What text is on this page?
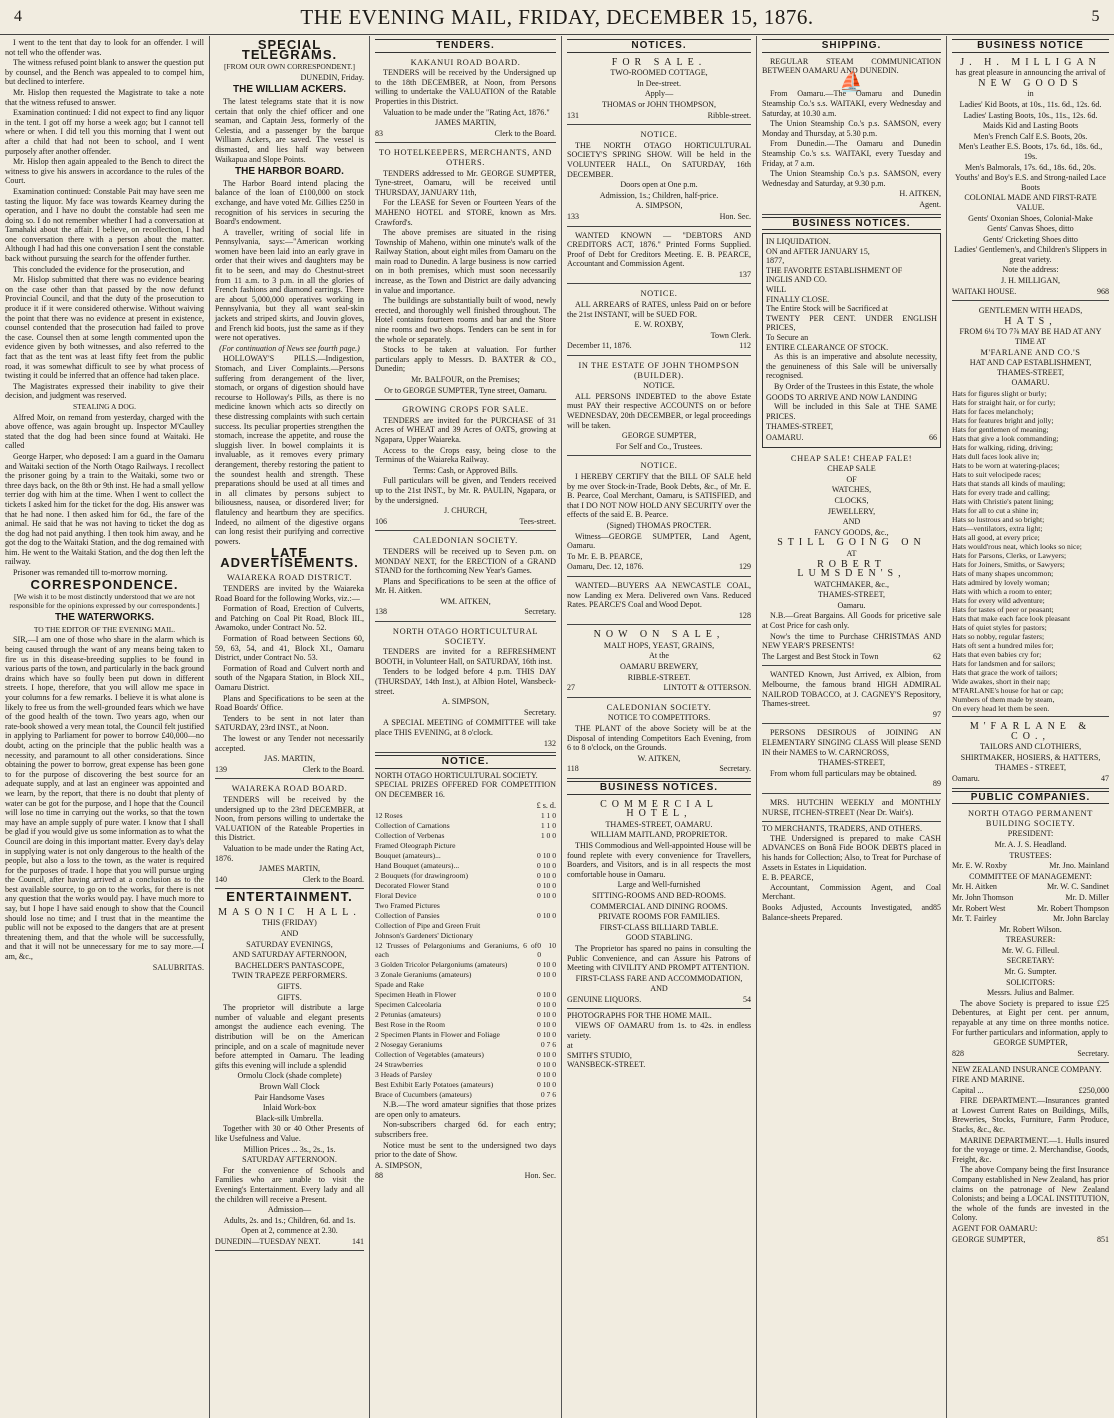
4	THE EVENING MAIL, FRIDAY, DECEMBER 15, 1876.	5

I went to the tent that day to look for an offender. I will not tell who the offender was.

The witness refused point blank to answer the question put by counsel, and the Bench was appealed to to compel him, but declined to interfere.

Mr. Hislop then requested the Magistrate to take a note that the witness refused to answer.

Examination continued: I did not expect to find any liquor in the tent. I got off my horse a week ago; but I cannot tell where or when. I did tell you this morning that I went out after a child that had not been to school, and I went purposely after another offender.

Mr. Hislop then again appealed to the Bench to direct the witness to give his answers in accordance to the rules of the Court.

Examination continued: Constable Pait may have seen me tasting the liquor. My face was towards Kearney during the operation, and I have no doubt the constable had seen me doing so. I do not remember whether I had a conversation at Tamahaki about the affair. I believe, on recollection, I had one conversation there with a person about the matter. Although I had had this one conversation I sent the constable back without pursuing the search for the offender further.

This concluded the evidence for the prosecution, and

Mr. Hislop submitted that there was no evidence bearing on the case other than that passed by the now defunct Provincial Council, and that the duty of the prosecution to produce it if it were considered otherwise. Without waiving the point that there was no evidence at present in existence, counsel contended that the prosecution had failed to prove the case. Counsel then at some length commented upon the evidence given by both witnesses, and also referred to the fact that as the tent was at least fifty feet from the public road, it was somewhat difficult to see by what process of twisting it could be inferred that an offence had taken place.

The Magistrates expressed their inability to give their decision, and judgment was reserved.

STEALING A DOG.

Alfred Moir, on remand from yesterday, charged with the above offence, was again brought up. Inspector M'Caulley stated that the dog had been since found at Waitaki. He called

George Harper, who deposed: I am a guard in the Oamaru and Waitaki section of the North Otago Railways. I recollect the prisoner going by a train to the Waitaki, some two or three days back, on the 8th or 9th inst. He had a small yellow terrier dog with him at the time. When I went to collect the tickets I asked him for the ticket for the dog. His answer was that he had none. I then asked him for 6d., the fare of the animal. He said that he was not having to ticket the dog as the dog had not paid anything. I then took him away, and he got the dog to the Waitaki Station, and the dog remained with him. He went to the Waitaki Station, and the dog then left the railway.

Prisoner was remanded till to-morrow morning.

CORRESPONDENCE.
[We wish it to be most distinctly understood that we are not responsible for the opinions expressed by our correspondents.]
THE WATERWORKS.
TO THE EDITOR OF THE EVENING MAIL.

SIR,—I am one of those who share in the alarm which is being caused through the want of any means being taken to fire us in this disease-breeding supplies to be found in various parts of the town, and particularly in the back ground drains which have so foully been put down in different streets. I hope, therefore, that you will allow me space in your columns for a few remarks. I believe it is what alone is likely to free us from the well-grounded fears which we have of the good health of the town. Two years ago, when our rate-book showed a very mean total, the Council felt justified in applying to Parliament for power to borrow £40,000—no doubt, acting on the principle that the public health was a necessity, and paramount to all other considerations. Since obtaining the power to borrow, great expense has been gone to for the purpose of discovering the best source for an adequate supply, and at last an engineer was appointed and we learn, by the report, that there is no doubt that plenty of water can be got for the purpose, and I hope that the Council will lose no time in carrying out the works, so that the town may have an ample supply of pure water. I know that I shall be glad if you would give us some information as to what the Council are doing in this important matter. Every day's delay in supplying water is not only dangerous to the health of the people, but also a loss to the town, as the water is required for the purposes of trade. I hope that you will pursue urging the Council, after having arrived at a conclusion as to the best available source, to go on to the works, for there is not any question that the works would pay. I have much more to say, but I hope I have said enough to show that the Council should lose no time; and I trust that in the meantime the public will not be exposed to the dangers that are at present threatening them, and that the whole will be successfully, and that it will not be unnecessary for me to say more.—I am, &c.,

SALUBRITAS.
SPECIAL TELEGRAMS.
[FROM OUR OWN CORRESPONDENT.]
DUNEDIN, Friday.
THE WILLIAM ACKERS.

The latest telegrams state that it is now certain that only the chief officer and one seaman, and Captain Jess, formerly of the Celestia, and a passenger by the barque William Ackers, are saved. The vessel is dismasted, and lies half way between Waikapua and Slope Points.

THE HARBOR BOARD.

The Harbor Board intend placing the balance of the loan of £100,000 on stock exchange, and have voted Mr. Gillies £250 in recognition of his services in securing the Board's endowment.

A traveller, writing of social life in Pennsylvania, says:—"American working women have been laid into an early grave in order that their wives and daughters may be fit to be seen, and may do Chestnut-street from 11 a.m. to 3 p.m. in all the glories of French fashions and diamond earrings. There are about 5,000,000 operatives working in Pennsylvania, but they all want seal-skin jackets and striped skirts, and Jouvin gloves, and French kid boots, just the same as if they were not operatives.

(For continuation of News see fourth page.)

HOLLOWAY'S PILLS.—Indigestion, Stomach, and Liver Complaints.—Persons suffering from derangement of the liver, stomach, or organs of digestion should have recourse to Holloway's Pills, as there is no medicine known which acts so directly on these distressing complaints with such certain success. Its peculiar properties strengthen the stomach, increase the appetite, and rouse the sluggish liver. In bowel complaints it is invaluable, as it removes every primary derangement, thereby restoring the patient to the soundest health and strength. These preparations should be used at all times and in all climates by persons subject to biliousness, nausea, or disordered liver; for flatulency and heartburn they are specifics. Indeed, no ailment of the digestive organs can long resist their purifying and corrective powers.

LATE ADVERTISEMENTS.
WAIAREKA ROAD DISTRICT.

TENDERS are invited by the Waiareka Road Board for the following Works, viz.:—

Formation of Road, Erection of Culverts, and Patching on Coal Pit Road, Block III., Awamoko, under Contract No. 52.

Formation of Road between Sections 60, 59, 63, 54, and 41, Block XI., Oamaru District, under Contract No. 53.

Formation of Road and Culvert north and south of the Ngapara Station, in Block XII., Oamaru District.

Plans and Specifications to be seen at the Road Boards' Office.

Tenders to be sent in not later than SATURDAY, 23rd INST., at Noon.

The lowest or any Tender not necessarily accepted.

JAS. MARTIN,
139	Clerk to the Board.
WAIAREKA ROAD BOARD.

TENDERS will be received by the undersigned up to the 23rd DECEMBER, at Noon, from persons willing to undertake the VALUATION of the Rateable Properties in this District.

Valuation to be made under the Rating Act, 1876.

JAMES MARTIN,
140	Clerk to the Board.
ENTERTAINMENT.
MASONIC HALL.
THIS (FRIDAY)
AND
SATURDAY EVENINGS,
AND SATURDAY AFTERNOON,
BACHELDER'S PANTASCOPE,
TWIN TRAPEZE PERFORMERS.
GIFTS.
GIFTS.

The proprietor will distribute a large number of valuable and elegant presents amongst the audience each evening. The distribution will be on the American principle, and on a scale of magnitude never before attempted in Oamaru. The leading gifts this evening will include a splendid

Ormolu Clock (shade complete)
Brown Wall Clock
Pair Handsome Vases
Inlaid Work-box
Black-silk Umbrella.

Together with 30 or 40 Other Presents of like Usefulness and Value.

Million Prices ... 3s., 2s., 1s.
SATURDAY AFTERNOON.

For the convenience of Schools and Families who are unable to visit the Evening's Entertainment. Every lady and all the children will receive a Present.

Admission—
Adults, 2s. and 1s.; Children, 6d. and 1s.
Open at 2, commence at 2.30.
DUNEDIN—TUESDAY NEXT.	141
TENDERS.
KAKANUI ROAD BOARD.

TENDERS will be received by the Undersigned up to the 18th DECEMBER, at Noon, from Persons willing to undertake the VALUATION of the Ratable Properties in this District.

Valuation to be made under the "Rating Act, 1876."

JAMES MARTIN,
83	Clerk to the Board.
TO HOTELKEEPERS, MERCHANTS, AND OTHERS.

TENDERS addressed to Mr. GEORGE SUMPTER, Tyne-street, Oamaru, will be received until THURSDAY, JANUARY 11th,

For the LEASE for Seven or Fourteen Years of the MAHENO HOTEL and STORE, known as Mrs. Crawford's.

The above premises are situated in the rising Township of Maheno, within one minute's walk of the Railway Station, about eight miles from Oamaru on the main road to Dunedin. A large business is now carried on in both premises, which must soon necessarily increase, as the Town and District are daily advancing in value and importance.

The buildings are substantially built of wood, newly erected, and thoroughly well finished throughout. The Hotel contains fourteen rooms and bar and the Store nine rooms and two shops. Tenders can be sent in for the whole or separately.

Stocks to be taken at valuation. For further particulars apply to Messrs. D. BAXTER & CO., Dunedin;

Mr. BALFOUR, on the Premises;
Or to GEORGE SUMPTER, Tyne street, Oamaru.
GROWING CROPS FOR SALE.

TENDERS are invited for the PURCHASE of 31 Acres of WHEAT and 39 Acres of OATS, growing at Ngapara, Upper Waiareka.

Access to the Crops easy, being close to the Terminus of the Waiareka Railway.

Terms: Cash, or Approved Bills.

Full particulars will be given, and Tenders received up to the 21st INST., by Mr. R. PAULIN, Ngapara, or by the undersigned.

J. CHURCH,
106	Tees-street.
CALEDONIAN SOCIETY.

TENDERS will be received up to Seven p.m. on MONDAY NEXT, for the ERECTION of a GRAND STAND for the forthcoming New Year's Games.

Plans and Specifications to be seen at the office of Mr. H. Aitken.

WM. AITKEN,
138	Secretary.
NORTH OTAGO HORTICULTURAL SOCIETY.

TENDERS are invited for a REFRESHMENT BOOTH, in Volunteer Hall, on SATURDAY, 16th inst.

Tenders to be lodged before 4 p.m. THIS DAY (THURSDAY, 14th Inst.), at Albion Hotel, Wansbeck-street.

A. SIMPSON,
Secretary.

A SPECIAL MEETING of COMMITTEE will take place THIS EVENING, at 8 o'clock.

132
NOTICE.
NORTH OTAGO HORTICULTURAL SOCIETY.
SPECIAL PRIZES OFFERED FOR COMPETITION ON DECEMBER 16.
£ s. d.
12 Roses	1 1 0
Collection of Carnations	1 1 0
Collection of Verbenas	1 0 0
Framed Oleograph Picture
Bouquet (amateurs)...	0 10 0
Hand Bouquet (amateurs)...	0 10 0
2 Bouquets (for drawingroom)	0 10 0
Decorated Flower Stand	0 10 0
Floral Device	0 10 0
Two Framed Pictures
Collection of Pansies	0 10 0
Collection of Pipe and Green Fruit
Johnson's Gardeners' Dictionary
12 Trusses of Pelargoniums and Geraniums, 6 of each
0 10 0
3 Golden Tricolor Pelargoniums (amateurs)	0 10 0
3 Zonale Geraniums (amateurs)	0 10 0
Spade and Rake
Specimen Heath in Flower	0 10 0
Specimen Calceolaria	0 10 0
2 Petunias (amateurs)	0 10 0
Best Rose in the Room	0 10 0
2 Specimen Plants in Flower and Foliage	0 10 0
2 Nosegay Geraniums	0 7 6
Collection of Vegetables (amateurs)	0 10 0
24 Strawberries	0 10 0
3 Heads of Parsley	0 10 0
Best Exhibit Early Potatoes (amateurs)	0 10 0
Brace of Cucumbers (amateurs)	0 7 6

N.B.—The word amateur signifies that those prizes are open only to amateurs.

Non-subscribers charged 6d. for each entry; subscribers free.

Notice must be sent to the undersigned two days prior to the date of Show.

A. SIMPSON,
88	Hon. Sec.
NOTICES.
FOR SALE.
TWO-ROOMED COTTAGE,
In Dee-street.
Apply—
THOMAS or JOHN THOMPSON,
131	Ribble-street.
NOTICE.

THE NORTH OTAGO HORTICULTURAL SOCIETY'S SPRING SHOW. Will be held in the VOLUNTEER HALL, On SATURDAY, 16th DECEMBER.

Doors open at One p.m.
Admission, 1s.; Children, half-price.
A. SIMPSON,
133	Hon. Sec.

WANTED KNOWN — "DEBTORS AND CREDITORS ACT, 1876." Printed Forms Supplied. Proof of Debt for Creditors Meeting. E. B. PEARCE, Accountant and Commission Agent.

137
NOTICE.

ALL ARREARS of RATES, unless Paid on or before the 21st INSTANT, will be SUED FOR.

E. W. ROXBY,
Town Clerk.
December 11, 1876.	112
IN THE ESTATE OF JOHN THOMPSON (BUILDER).
NOTICE.

ALL PERSONS INDEBTED to the above Estate must PAY their respective ACCOUNTS on or before WEDNESDAY, 20th DECEMBER, or legal proceedings will be taken.

GEORGE SUMPTER,
For Self and Co., Trustees.
NOTICE.

I HEREBY CERTIFY that the BILL OF SALE held by me over Stock-in-Trade, Book Debts, &c., of Mr. E. B. Pearce, Coal Merchant, Oamaru, is SATISFIED, and that I DO NOT NOW HOLD ANY SECURITY over the effects of the said E. B. Pearce.

(Signed) THOMAS PROCTER.

Witness—GEORGE SUMPTER, Land Agent, Oamaru.

To Mr. E. B. PEARCE,
Oamaru, Dec. 12, 1876.	129

WANTED—BUYERS AA NEWCASTLE COAL, now Landing ex Mera. Delivered own Vans. Reduced Rates. PEARCE'S Coal and Wood Depot.

128
NOW ON SALE,
MALT HOPS, YEAST, GRAINS,
At the
OAMARU BREWERY,
RIBBLE-STREET.
27	LINTOTT & OTTERSON.
CALEDONIAN SOCIETY.
NOTICE TO COMPETITORS.

THE PLANT of the above Society will be at the Disposal of intending Competitors Each Evening, from 6 to 8 o'clock, on the Grounds.

W. AITKEN,
118	Secretary.
BUSINESS NOTICES.
COMMERCIAL HOTEL,
THAMES-STREET, OAMARU.
WILLIAM MAITLAND, PROPRIETOR.

THIS Commodious and Well-appointed House will be found replete with every convenience for Travellers, Boarders, and Visitors, and is in all respects the most comfortable house in Oamaru.

Large and Well-furnished
SITTING-ROOMS AND BED-ROOMS.
COMMERCIAL AND DINING ROOMS.
PRIVATE ROOMS FOR FAMILIES.
FIRST-CLASS BILLIARD TABLE.
GOOD STABLING.

The Proprietor has spared no pains in consulting the Public Convenience, and can Assure his Patrons of Meeting with CIVILITY AND PROMPT ATTENTION.

FIRST-CLASS FARE AND ACCOMMODATION,
AND
GENUINE LIQUORS.	54
PHOTOGRAPHS FOR THE HOME MAIL.

VIEWS OF OAMARU from 1s. to 42s. in endless variety.

at
SMITH'S STUDIO,
WANSBECK-STREET.
SHIPPING.

REGULAR STEAM COMMUNICATION BETWEEN OAMARU AND DUNEDIN.

⛵

From Oamaru.—The Oamaru and Dunedin Steamship Co.'s s.s. WAITAKI, every Wednesday and Saturday, at 10.30 a.m.

The Union Steamship Co.'s p.s. SAMSON, every Monday and Thursday, at 5.30 p.m.

From Dunedin.—The Oamaru and Dunedin Steamship Co.'s s.s. WAITAKI, every Tuesday and Friday, at 7 a.m.

The Union Steamship Co.'s p.s. SAMSON, every Wednesday and Saturday, at 9.30 p.m.

H. AITKEN,
Agent.
BUSINESS NOTICES.
IN LIQUIDATION.
ON and AFTER JANUARY 15,
1877,
THE FAVORITE ESTABLISHMENT OF
INGLIS AND CO.
WILL
FINALLY CLOSE.
The Entire Stock will be Sacrificed at
TWENTY PER CENT. UNDER ENGLISH PRICES,
To Secure an
ENTIRE CLEARANCE OF STOCK.

As this is an imperative and absolute necessity, the genuineness of this Sale will be universally recognised.

By Order of the Trustees in this Estate, the whole

GOODS TO ARRIVE AND NOW LANDING

Will be included in this Sale at THE SAME PRICES.

THAMES-STREET,
OAMARU.	66
CHEAP SALE! CHEAP FALE!
CHEAP SALE
OF
WATCHES,
CLOCKS,
JEWELLERY,
AND
FANCY GOODS, &c.,
STILL GOING ON
AT
ROBERT LUMSDEN'S,
WATCHMAKER, &c.,
THAMES-STREET,
Oamaru.

N.B.—Great Bargains. All Goods for pricetive sale at Cost Price for cash only.

Now's the time to Purchase CHRISTMAS AND NEW YEAR'S PRESENTS!

The Largest and Best Stock in Town	62

WANTED Known, Just Arrived, ex Albion, from Melbourne, the famous brand HIGH ADMIRAL NAILROD TOBACCO, at J. CAGNEY'S Repository, Thames-street.

97

PERSONS DESIROUS of JOINING AN ELEMENTARY SINGING CLASS Will please SEND IN their NAMES to W. CARNCROSS,

THAMES-STREET,

From whom full particulars may be obtained.

89

MRS. HUTCHIN WEEKLY and MONTHLY NURSE, ITCHEN-STREET (Near Dr. Wait's).

TO MERCHANTS, TRADERS, AND OTHERS.

THE Undersigned is prepared to make CASH ADVANCES on Bonâ Fide BOOK DEBTS placed in his hands for Collection; Also, to Treat for Purchase of Assets in Estates in Liquidation.

E. B. PEARCE,

Accountant, Commission Agent, and Coal Merchant.

Books Adjusted, Accounts Investigated, and Balance-sheets Prepared.
85
BUSINESS NOTICE
J. H. MILLIGAN
has great pleasure in announcing the arrival of
NEW GOODS
in
Ladies' Kid Boots, at 10s., 11s. 6d., 12s. 6d.
Ladies' Lasting Boots, 10s., 11s., 12s. 6d.
Maids Kid and Lasting Boots
Men's French Calf E.S. Boots, 20s.
Men's Leather E.S. Boots, 17s. 6d., 18s. 6d., 19s.
Men's Balmorals, 17s. 6d., 18s. 6d., 20s.
Youths' and Boy's E.S. and Strong-nailed Lace Boots
COLONIAL MADE AND FIRST-RATE VALUE.
Gents' Oxonian Shoes, Colonial-Make
Gents' Canvas Shoes, ditto
Gents' Cricketing Shoes ditto
Ladies' Gentlemen's, and Children's Slippers in great variety.
Note the address:
J. H. MILLIGAN,
WAITAKI HOUSE.	968
GENTLEMEN WITH HEADS,
HATS,
FROM 6¼ TO 7⅞ MAY BE HAD AT ANY TIME AT
M'FARLANE AND CO.'S
HAT AND CAP ESTABLISHMENT, THAMES-STREET,
OAMARU.
Hats for figures slight or burly;
Hats for straight hair, or for curly;
Hats for faces melancholy;
Hats for features bright and jolly;
Hats for gentlemen of meaning;
Hats that give a look commanding;
Hats for walking, riding, driving;
Hats dull faces look alive in;
Hats to be worn at watering-places;
Hats to suit velocipede races;
Hats that stands all kinds of mauling;
Hats for every trade and calling;
Hats with Christie's patent lining;
Hats for all to cut a shine in;
Hats so lustrous and so bright;
Hats—ventilators, extra light;
Hats all good, at every price;
Hats would'rous neat, which looks so nice;
Hats for Parsons, Clerks, or Lawyers;
Hats for Joiners, Smiths, or Sawyers;
Hats of many shapes uncommon;
Hats admired by lovely woman;
Hats with which a room to enter;
Hats for every wild adventure;
Hats for tastes of peer or peasant;
Hats that make each face look pleasant
Hats of quiet styles for pastors;
Hats so nobby, regular fasters;
Hats oft sent a hundred miles for;
Hats that even babies cry for;
Hats for landsmen and for sailors;
Hats that grace the work of tailors;
Wide awakes, short in their nap;
M'FARLANE's house for hat or cap;
Numbers of them made by steam,
On every head let them be seen.
M'FARLANE & CO.,
TAILORS AND CLOTHIERS,
SHIRTMAKER, HOSIERS, & HATTERS,
THAMES - STREET,
Oamaru.	47
PUBLIC COMPANIES.
NORTH OTAGO PERMANENT BUILDING SOCIETY.
PRESIDENT:
Mr. A. J. S. Headland.
TRUSTEES:
Mr. E. W. Roxby	Mr. Jno. Mainland
COMMITTEE OF MANAGEMENT:
Mr. H. Aitken	Mr. W. C. Sandinet
Mr. John Thomson	Mr. D. Miller
Mr. Robert West	Mr. Robert Thompson
Mr. T. Fairley	Mr. John Barclay
Mr. Robert Wilson.
TREASURER:
Mr. W. G. Filleul.
SECRETARY:
Mr. G. Sumpter.
SOLICITORS:
Messrs. Julius and Balmer.

The above Society is prepared to issue £25 Debentures, at Eight per cent. per annum, repayable at any time on three months notice. For further particulars and information, apply to

GEORGE SUMPTER,
828	Secretary.
NEW ZEALAND INSURANCE COMPANY.
FIRE AND MARINE.
Capital ...	£250,000

FIRE DEPARTMENT.—Insurances granted at Lowest Current Rates on Buildings, Mills, Breweries, Stocks, Furniture, Farm Produce, Stacks, &c., &c.

MARINE DEPARTMENT.—1. Hulls insured for the voyage or time. 2. Merchandise, Goods, Freight, &c.

The above Company being the first Insurance Company established in New Zealand, has prior claims on the patronage of New Zealand Colonists; and being a LOCAL INSTITUTION, the whole of the funds are invested in the Colony.

AGENT FOR OAMARU:
GEORGE SUMPTER,	851
